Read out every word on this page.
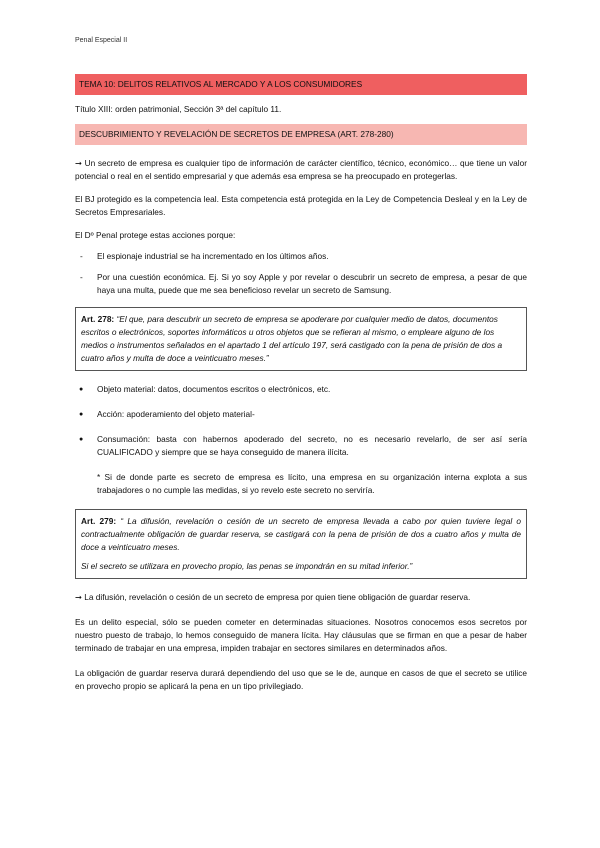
Penal Especial II
TEMA 10: DELITOS RELATIVOS AL MERCADO Y A LOS CONSUMIDORES

Título XIII: orden patrimonial, Sección 3ª del capítulo 11.

DESCUBRIMIENTO Y REVELACIÓN DE SECRETOS DE EMPRESA (ART. 278-280)

➞ Un secreto de empresa es cualquier tipo de información de carácter científico, técnico, económico… que tiene un valor potencial o real en el sentido empresarial y que además esa empresa se ha preocupado en protegerlas.

El BJ protegido es la competencia leal. Esta competencia está protegida en la Ley de Competencia Desleal y en la Ley de Secretos Empresariales.

El Dº Penal protege estas acciones porque:

- El espionaje industrial se ha incrementado en los últimos años.
- Por una cuestión económica. Ej. Si yo soy Apple y por revelar o descubrir un secreto de empresa, a pesar de que haya una multa, puede que me sea beneficioso revelar un secreto de Samsung.
Art. 278: “El que, para descubrir un secreto de empresa se apoderare por cualquier medio de datos, documentos escritos o electrónicos, soportes informáticos u otros objetos que se refieran al mismo, o empleare alguno de los medios o instrumentos señalados en el apartado 1 del artículo 197, será castigado con la pena de prisión de dos a cuatro años y multa de doce a veinticuatro meses.”
● Objeto material: datos, documentos escritos o electrónicos, etc.
● Acción: apoderamiento del objeto material-
● Consumación: basta con habernos apoderado del secreto, no es necesario revelarlo, de ser así sería CUALIFICADO y siempre que se haya conseguido de manera ilícita.

* Si de donde parte es secreto de empresa es lícito, una empresa en su organización interna explota a sus trabajadores o no cumple las medidas, si yo revelo este secreto no serviría.

Art. 279: “ La difusión, revelación o cesión de un secreto de empresa llevada a cabo por quien tuviere legal o contractualmente obligación de guardar reserva, se castigará con la pena de prisión de dos a cuatro años y multa de doce a veinticuatro meses.

Si el secreto se utilizara en provecho propio, las penas se impondrán en su mitad inferior.”

➞ La difusión, revelación o cesión de un secreto de empresa por quien tiene obligación de guardar reserva.

Es un delito especial, sólo se pueden cometer en determinadas situaciones. Nosotros conocemos esos secretos por nuestro puesto de trabajo, lo hemos conseguido de manera lícita. Hay cláusulas que se firman en que a pesar de haber terminado de trabajar en una empresa, impiden trabajar en sectores similares en determinados años.

La obligación de guardar reserva durará dependiendo del uso que se le de, aunque en casos de que el secreto se utilice en provecho propio se aplicará la pena en un tipo privilegiado.
